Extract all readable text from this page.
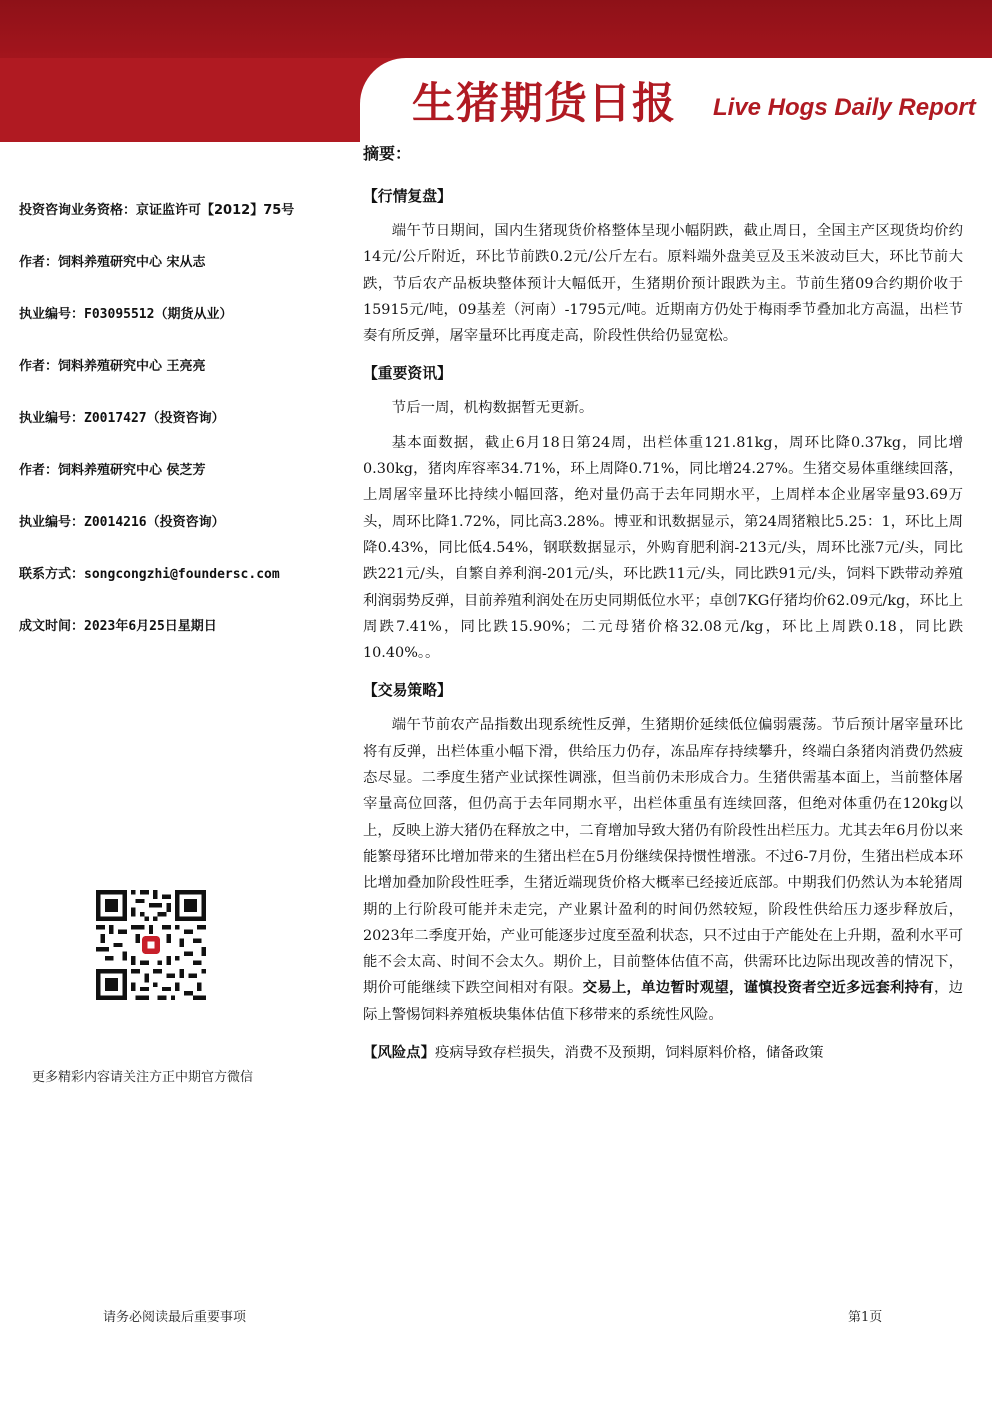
生猪期货日报 Live Hogs Daily Report
投资咨询业务资格：京证监许可【2012】75号
作者：饲料养殖研究中心 宋从志
执业编号：F03095512（期货从业）
作者：饲料养殖研究中心 王亮亮
执业编号：Z0017427（投资咨询）
作者：饲料养殖研究中心 侯芝芳
执业编号：Z0014216（投资咨询）
联系方式：songcongzhi@foundersc.com
成文时间：2023年6月25日星期日
更多精彩内容请关注方正中期官方微信
摘要：
【行情复盘】

端午节日期间，国内生猪现货价格整体呈现小幅阴跌，截止周日，全国主产区现货均价约14元/公斤附近，环比节前跌0.2元/公斤左右。原料端外盘美豆及玉米波动巨大，环比节前大跌，节后农产品板块整体预计大幅低开，生猪期价预计跟跌为主。节前生猪09合约期价收于15915元/吨，09基差（河南）-1795元/吨。近期南方仍处于梅雨季节叠加北方高温，出栏节奏有所反弹，屠宰量环比再度走高，阶段性供给仍显宽松。

【重要资讯】

节后一周，机构数据暂无更新。

基本面数据，截止6月18日第24周，出栏体重121.81kg，周环比降0.37kg，同比增0.30kg，猪肉库容率34.71%，环上周降0.71%，同比增24.27%。生猪交易体重继续回落，上周屠宰量环比持续小幅回落，绝对量仍高于去年同期水平，上周样本企业屠宰量93.69万头，周环比降1.72%，同比高3.28%。博亚和讯数据显示，第24周猪粮比5.25：1，环比上周降0.43%，同比低4.54%，钢联数据显示，外购育肥利润-213元/头，周环比涨7元/头，同比跌221元/头，自繁自养利润-201元/头，环比跌11元/头，同比跌91元/头，饲料下跌带动养殖利润弱势反弹，目前养殖利润处在历史同期低位水平；卓创7KG仔猪均价62.09元/kg，环比上周跌7.41%，同比跌15.90%；二元母猪价格32.08元/kg，环比上周跌0.18，同比跌10.40%。。

【交易策略】

端午节前农产品指数出现系统性反弹，生猪期价延续低位偏弱震荡。节后预计屠宰量环比将有反弹，出栏体重小幅下滑，供给压力仍存，冻品库存持续攀升，终端白条猪肉消费仍然疲态尽显。二季度生猪产业试探性调涨，但当前仍未形成合力。生猪供需基本面上，当前整体屠宰量高位回落，但仍高于去年同期水平，出栏体重虽有连续回落，但绝对体重仍在120kg以上，反映上游大猪仍在释放之中，二育增加导致大猪仍有阶段性出栏压力。尤其去年6月份以来能繁母猪环比增加带来的生猪出栏在5月份继续保持惯性增涨。不过6-7月份，生猪出栏成本环比增加叠加阶段性旺季，生猪近端现货价格大概率已经接近底部。中期我们仍然认为本轮猪周期的上行阶段可能并未走完，产业累计盈利的时间仍然较短，阶段性供给压力逐步释放后，2023年二季度开始，产业可能逐步过度至盈利状态，只不过由于产能处在上升期，盈利水平可能不会太高、时间不会太久。期价上，目前整体估值不高，供需环比边际出现改善的情况下，期价可能继续下跌空间相对有限。交易上，单边暂时观望，谨慎投资者空近多远套利持有，边际上警惕饲料养殖板块集体估值下移带来的系统性风险。

【风险点】疫病导致存栏损失，消费不及预期，饲料原料价格，储备政策
请务必阅读最后重要事项	第1页
